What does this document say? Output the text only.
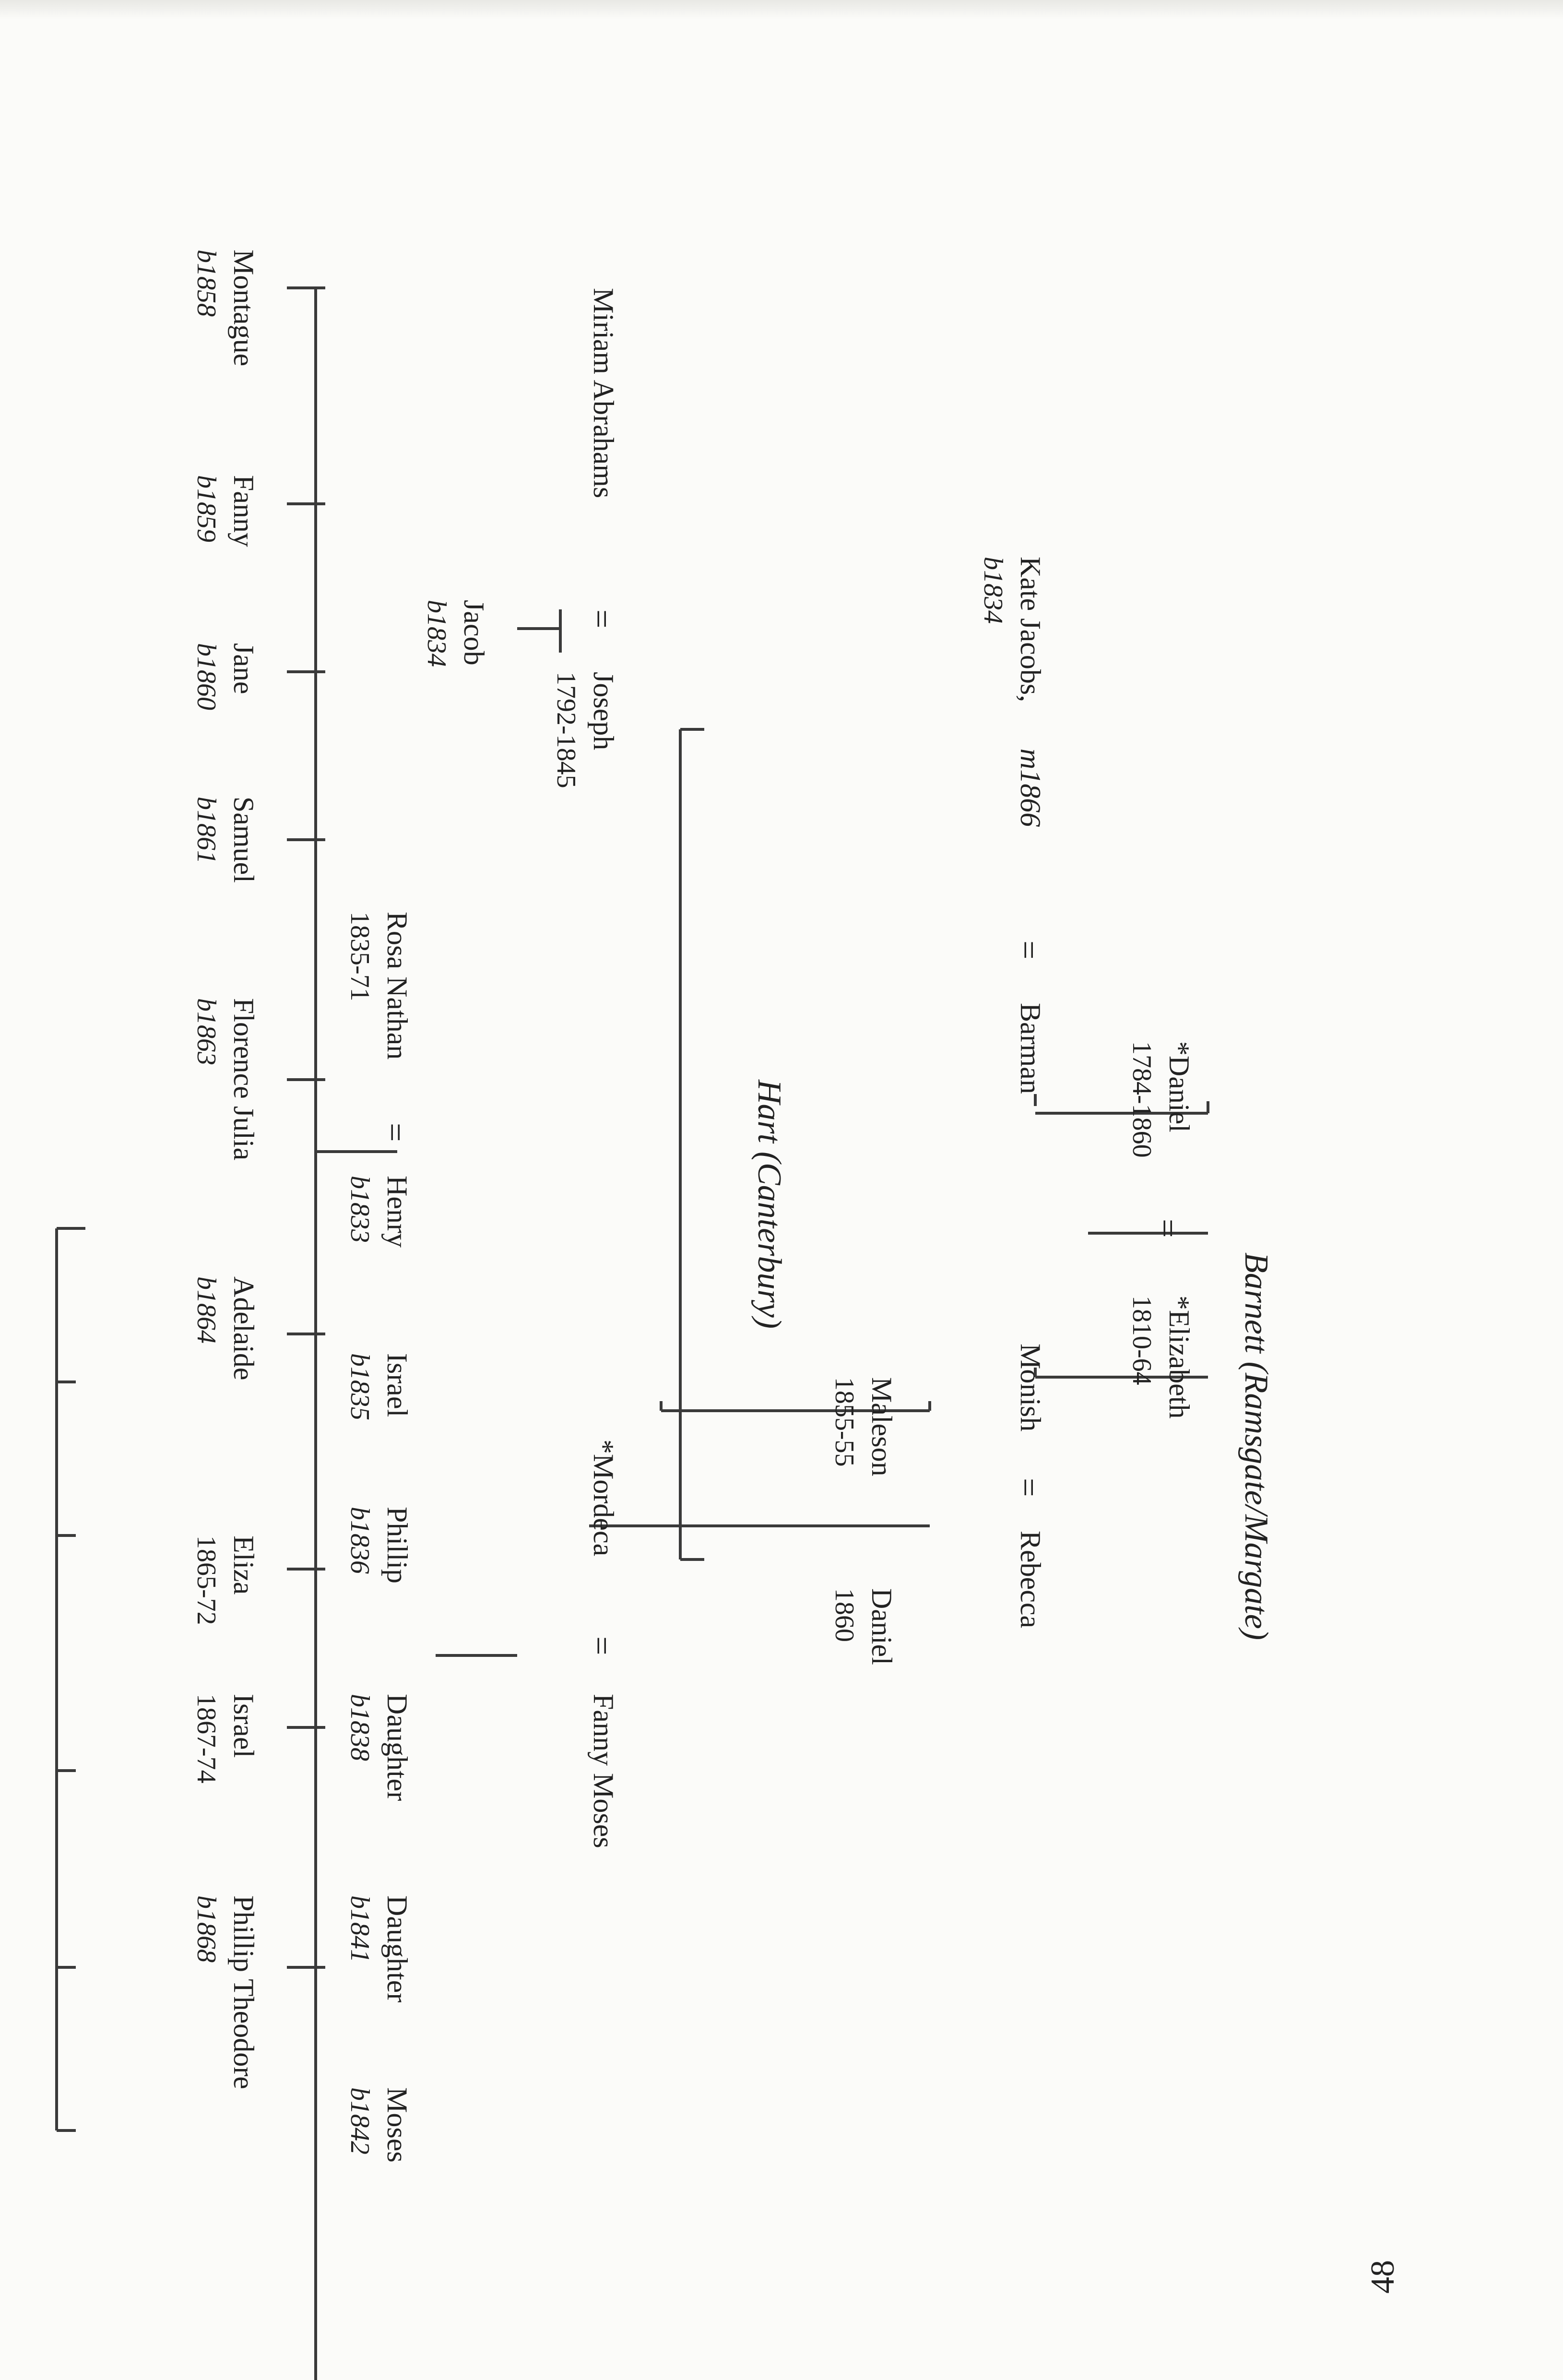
Barnett (Ramsgate/Margate)
*Daniel
1784-1860
=
*Elizabeth
1810-64
Kate Jacobs,
m1866
b1834
=
Barman
Monish
=
Rebecca
Maleson
1855-55
Daniel
1860
Hart (Canterbury)
Miriam Abrahams
=
Joseph
1792-1845
Jacob
b1834
*Mordeca
=
Fanny Moses
Rosa Nathan
1835-71
=
Henry
b1833
Israel
b1835
Phillip
b1836
Daughter
b1838
Daughter
b1841
Moses
b1842
Montague
b1858
Fanny
b1859
Jane
b1860
Samuel
b1861
Florence Julia
b1863
Adelaide
b1864
Eliza
1865-72
Israel
1867-74
Phillip Theodore
b1868
48
